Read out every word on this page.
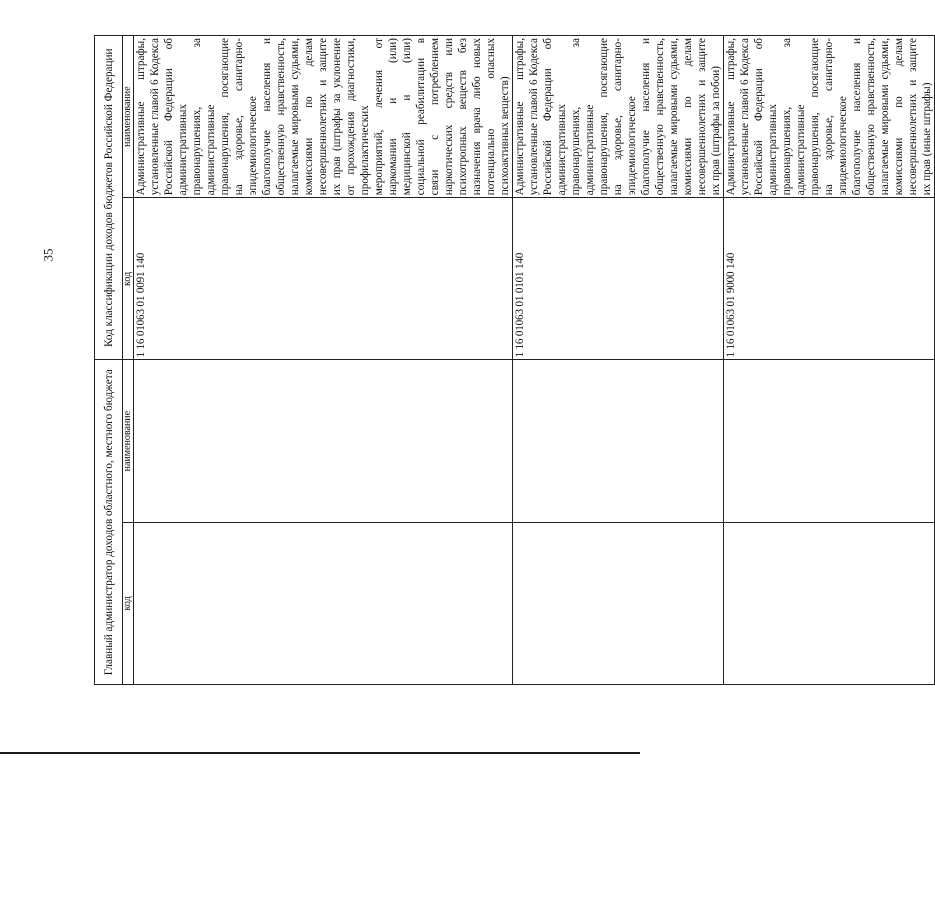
35
Главный администратор доходов областного, местного бюджета		Код классификации доходов бюджетов Российской Федерации	
код	наименование	код	наименование
		1 16 01063 01 0091 140	Административные штрафы, установленные главой 6 Кодекса Российской Федерации об административных правонарушениях, за административные правонарушения, посягающие на здоровье, санитарно-эпидемиологическое благополучие населения и общественную нравственность, налагаемые мировыми судьями, комиссиями по делам несовершеннолетних и защите их прав (штрафы за уклонение от прохождения диагностики, профилактических мероприятий, лечения от наркомании и (или) медицинской и (или) социальной реабилитации в связи с потреблением наркотических средств или психотропных веществ без назначения врача либо новых потенциально опасных психоактивных веществ)
		1 16 01063 01 0101 140	Административные штрафы, установленные главой 6 Кодекса Российской Федерации об административных правонарушениях, за административные правонарушения, посягающие на здоровье, санитарно-эпидемиологическое благополучие населения и общественную нравственность, налагаемые мировыми судьями, комиссиями по делам несовершеннолетних и защите их прав (штрафы за побои)
		1 16 01063 01 9000 140	Административные штрафы, установленные главой 6 Кодекса Российской Федерации об административных правонарушениях, за административные правонарушения, посягающие на здоровье, санитарно-эпидемиологическое благополучие населения и общественную нравственность, налагаемые мировыми судьями, комиссиями по делам несовершеннолетних и защите их прав (иные штрафы)
